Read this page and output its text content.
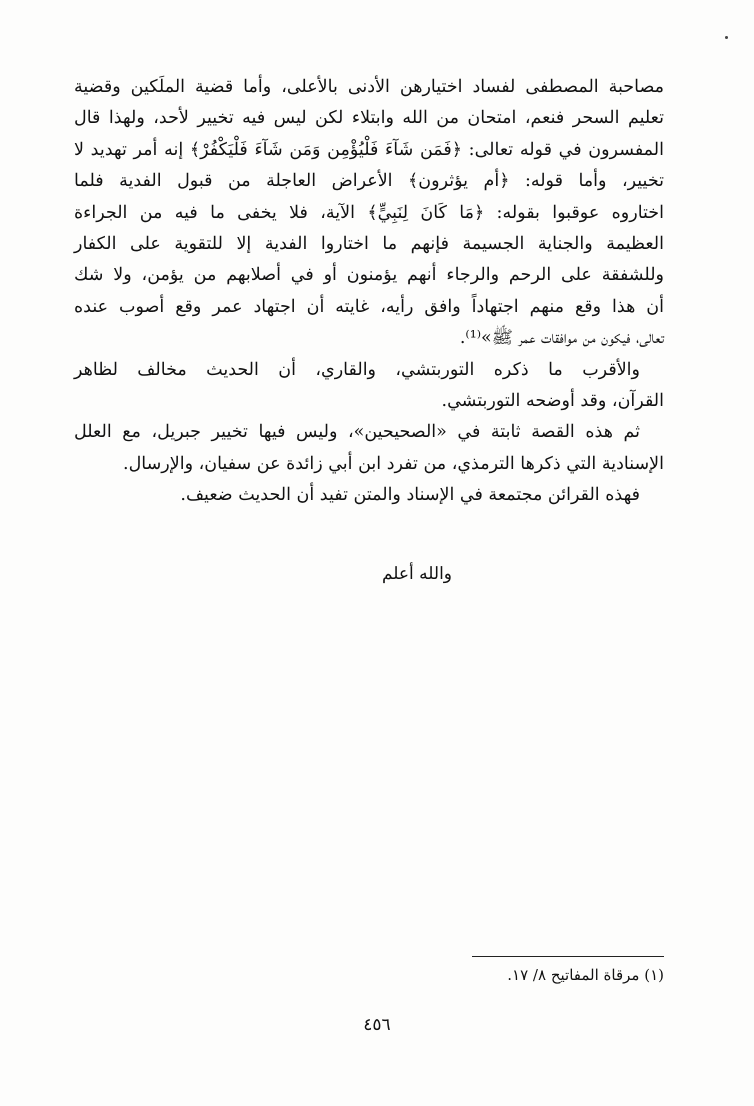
مصاحبة المصطفى لفساد اختيارهن الأدنى بالأعلى، وأما قضية الملَكين وقضية
تعليم السحر فنعم، امتحان من الله وابتلاء لكن ليس فيه تخيير لأحد، ولهذا قال
المفسرون في قوله تعالى: ﴿فَمَن شَآءَ فَلْيُؤْمِن وَمَن شَآءَ فَلْيَكْفُرْ﴾ إنه أمر تهديد لا
تخيير، وأما قوله: ﴿أم يؤثرون﴾ الأعراض العاجلة من قبول الفدية فلما
اختاروه عوقبوا بقوله: ﴿مَا كَانَ لِنَبِيٍّ﴾ الآية، فلا يخفى ما فيه من الجراءة
العظيمة والجناية الجسيمة فإنهم ما اختاروا الفدية إلا للتقوية على الكفار
وللشفقة على الرحم والرجاء أنهم يؤمنون أو في أصلابهم من يؤمن، ولا شك
أن هذا وقع منهم اجتهاداً وافق رأيه، غايته أن اجتهاد عمر وقع أصوب عنده
تعالى، فيكون من موافقات عمر ﷺ»⁽¹⁾.

والأقرب ما ذكره التوربتشي، والقاري، أن الحديث مخالف لظاهر
القرآن، وقد أوضحه التوربتشي.

ثم هذه القصة ثابتة في «الصحيحين»، وليس فيها تخيير جبريل، مع العلل
الإسنادية التي ذكرها الترمذي، من تفرد ابن أبي زائدة عن سفيان، والإرسال.

فهذه القرائن مجتمعة في الإسناد والمتن تفيد أن الحديث ضعيف.

والله أعلم
(١) مرقاة المفاتيح ٨/ ١٧.
٤٥٦
